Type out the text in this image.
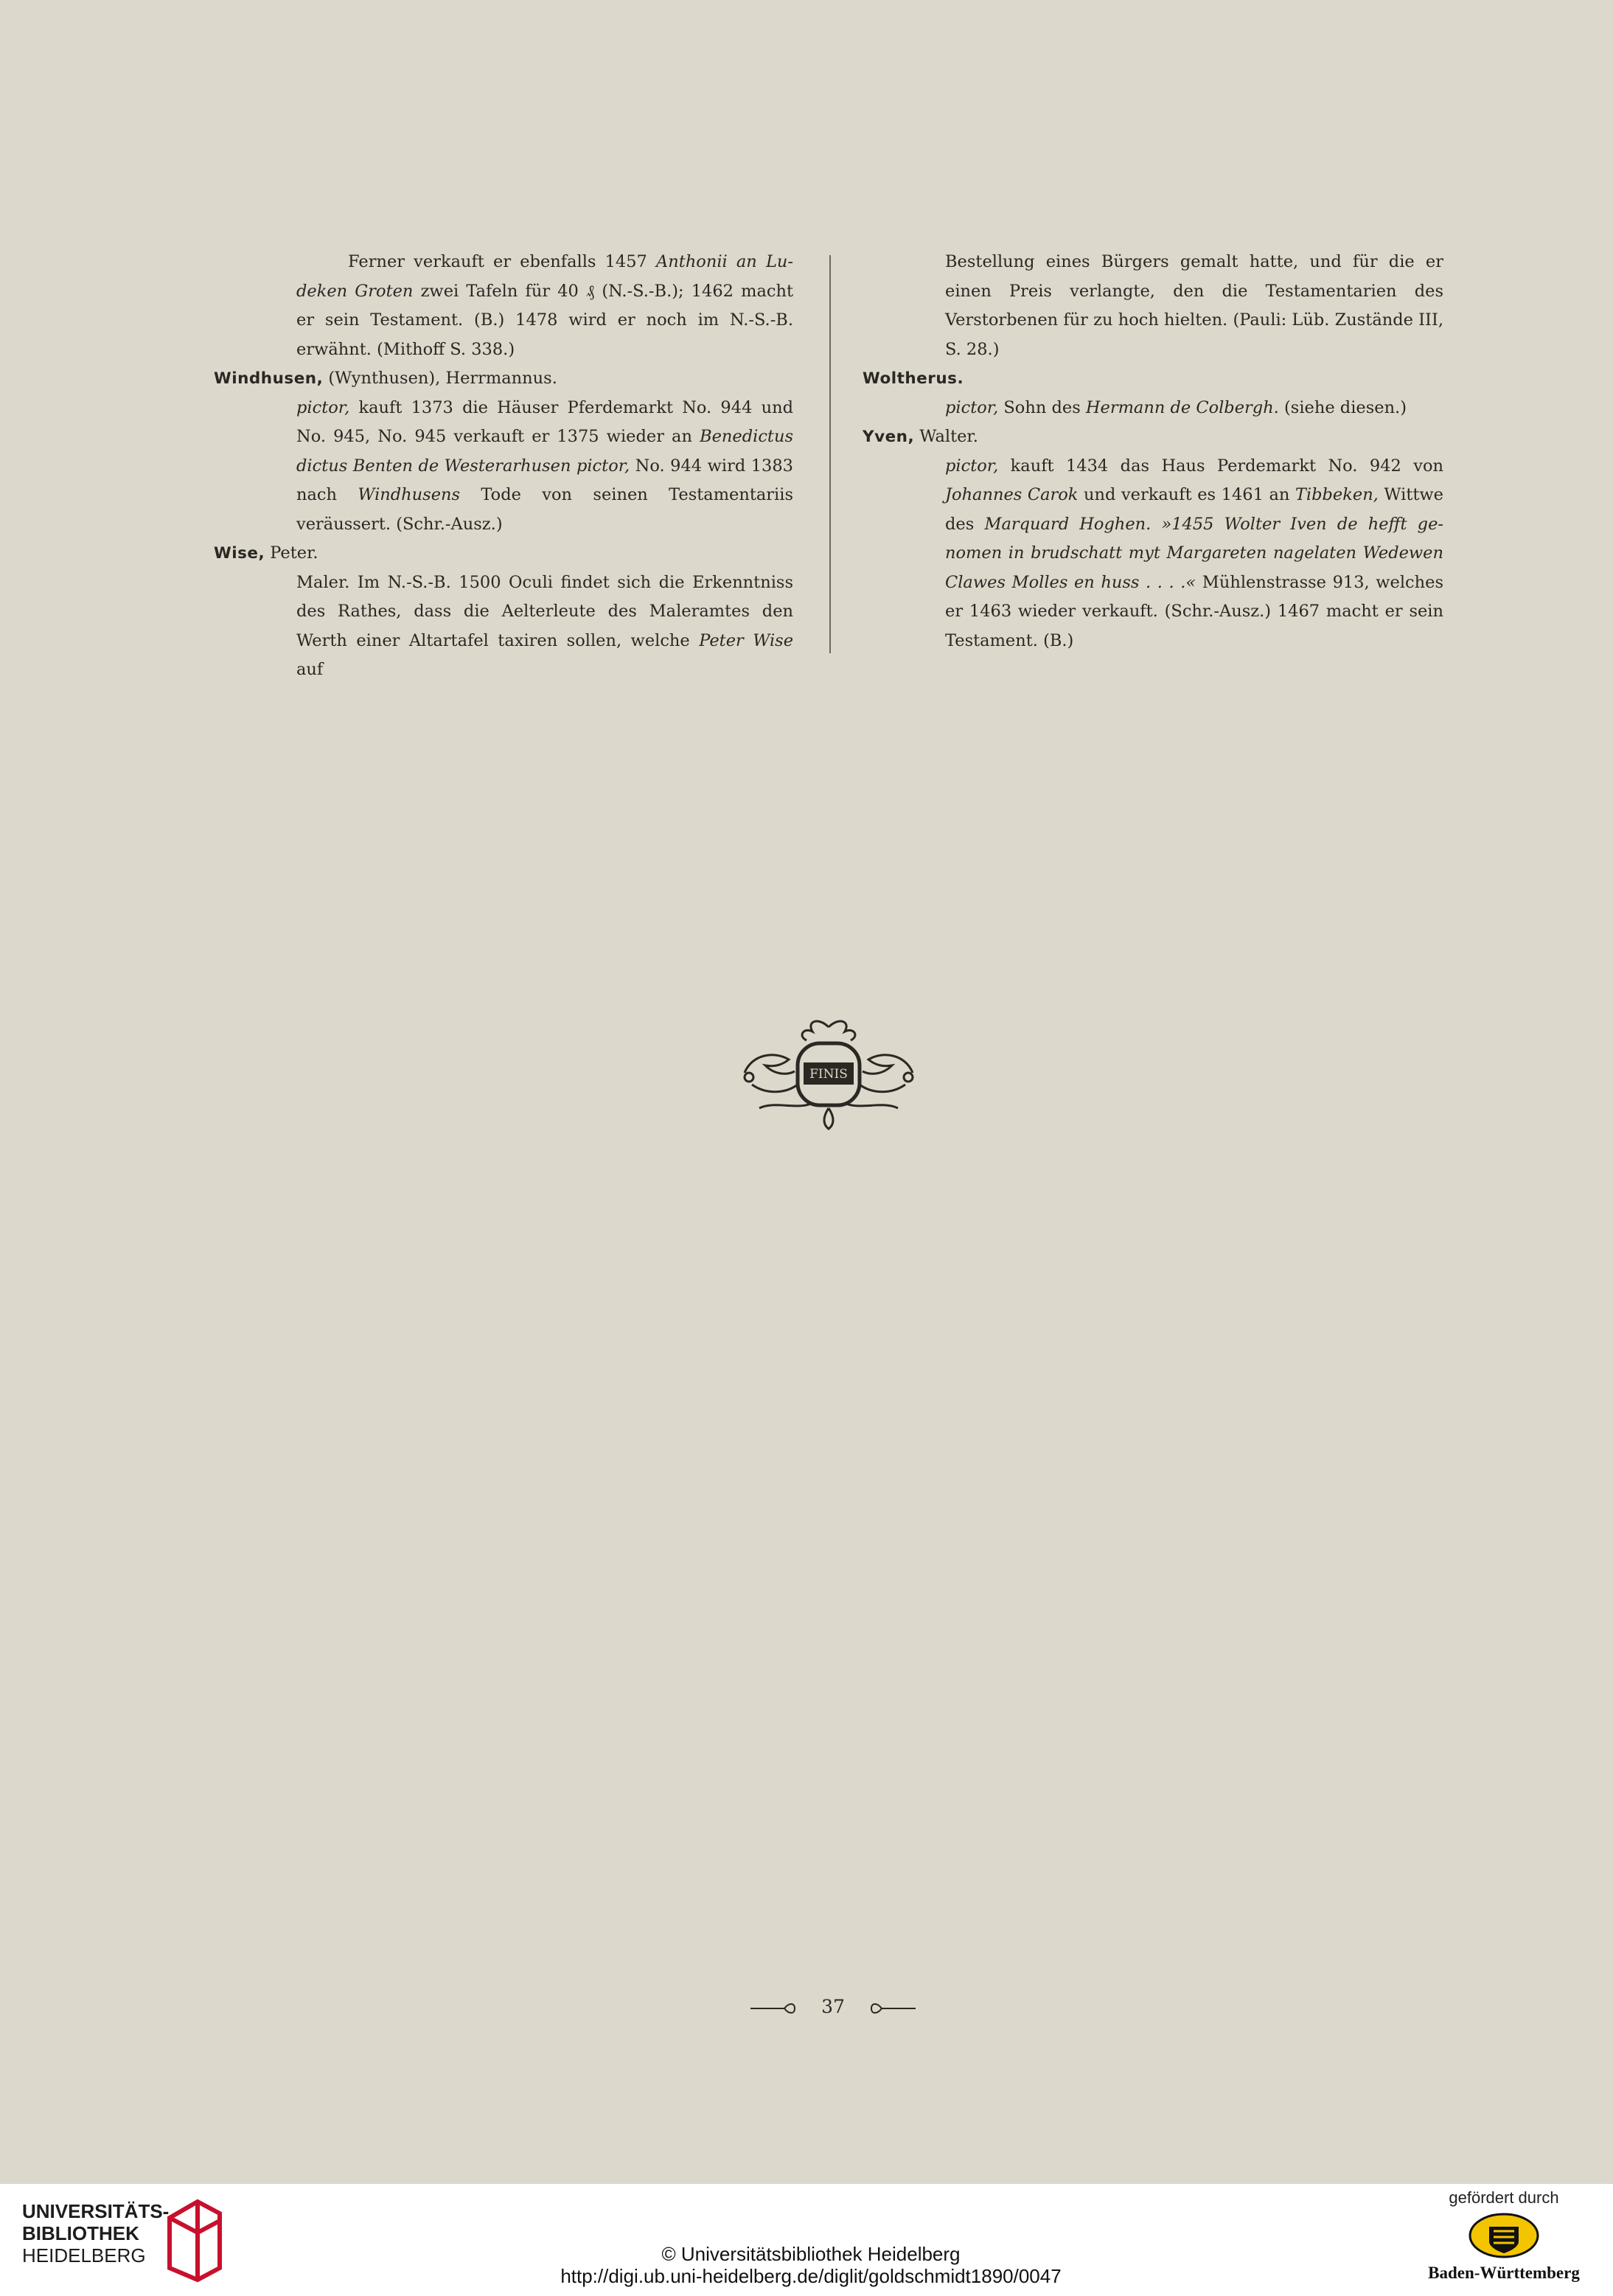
Ferner verkauft er ebenfalls 1457 Anthonii an Lu- deken Groten zwei Tafeln für 40 ₰ (N.-S.-B.); 1462 macht er sein Testament. (B.) 1478 wird er noch im N.-S.-B. erwähnt. (Mithoff S. 338.)
Windhusen, (Wynthusen), Herrmannus.
pictor, kauft 1373 die Häuser Pferdemarkt No. 944 und No. 945, No. 945 verkauft er 1375 wieder an Benedictus dictus Benten de Westerarhusen pictor, No. 944 wird 1383 nach Windhusens Tode von seinen Testamentariis veräussert. (Schr.-Ausz.)
Wise, Peter.
Maler. Im N.-S.-B. 1500 Oculi findet sich die Erkenntniss des Rathes, dass die Aelterleute des Maleramtes den Werth einer Altartafel taxiren sollen, welche Peter Wise auf
Bestellung eines Bürgers gemalt hatte, und für die er einen Preis verlangte, den die Testamentarien des Verstorbenen für zu hoch hielten. (Pauli: Lüb. Zustände III, S. 28.)
Woltherus.
pictor, Sohn des Hermann de Colbergh. (siehe diesen.)
Yven, Walter.
pictor, kauft 1434 das Haus Perdemarkt No. 942 von Johannes Carok und verkauft es 1461 an Tibbeken, Wittwe des Marquard Hoghen. »1455 Wolter Iven de hefft genomen in brudschatt myt Margareten nagelaten Wedewen Clawes Molles en huss . . . .« Mühlenstrasse 913, welches er 1463 wieder verkauft. (Schr.-Ausz.) 1467 macht er sein Testament. (B.)
FINIS
37
UNIVERSITÄTS-
BIBLIOTHEK
HEIDELBERG	© Universitätsbibliothek Heidelberg
http://digi.ub.uni-heidelberg.de/diglit/goldschmidt1890/0047
gefördert durch
Baden-Württemberg
